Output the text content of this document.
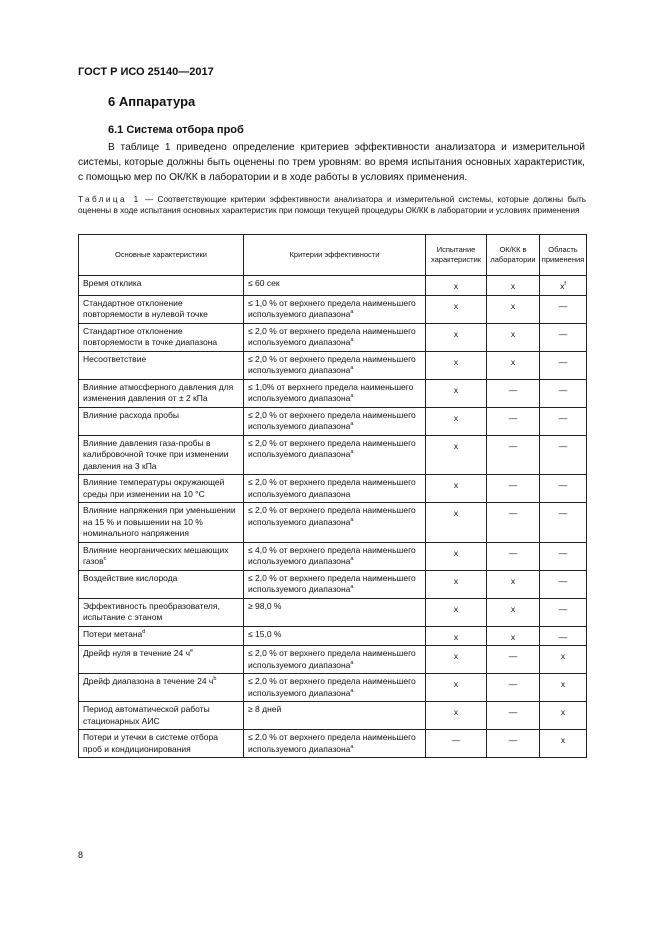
ГОСТ Р ИСО 25140—2017
6 Аппаратура
6.1 Система отбора проб
В таблице 1 приведено определение критериев эффективности анализатора и измерительной системы, которые должны быть оценены по трем уровням: во время испытания основных характеристик, с помощью мер по ОК/КК в лаборатории и в ходе работы в условиях применения.
Таблица 1 — Соответствующие критерии эффективности анализатора и измерительной системы, которые должны быть оценены в ходе испытания основных характеристик при помощи текущей процедуры ОК/КК в лаборатории и условиях применения
Основные характеристики	Критерии эффективности	Испытание характеристик	ОК/КК в лаборатории	Область применения
Время отклика	≤ 60 сек	х	х	$х^f$
Стандартное отклонение повторяемости в нулевой точке	≤ 1,0 % от верхнего предела наименьшего используемого диапазона$^a$	х	х	—
Стандартное отклонение повторяемости в точке диапазона	≤ 2,0 % от верхнего предела наименьшего используемого диапазона$^a$	х	х	—
Несоответствие	≤ 2,0 % от верхнего предела наименьшего используемого диапазона$^a$	х	х	—
Влияние атмосферного давления для изменения давления от ± 2 кПа	≤ 1,0% от верхнего предела наименьшего используемого диапазона$^a$	х	—	—
Влияние расхода пробы	≤ 2,0 % от верхнего предела наименьшего используемого диапазона$^a$	х	—	—
Влияние давления газа-пробы в калибровочной точке при изменении давления на 3 кПа	≤ 2,0 % от верхнего предела наименьшего используемого диапазона$^a$	х	—	—
Влияние температуры окружающей среды при изменении на 10 °С	≤ 2,0 % от верхнего предела наименьшего используемого диапазона	х	—	—
Влияние напряжения при уменьшении на 15 % и повышении на 10 % номинального напряжения	≤ 2,0 % от верхнего предела наименьшего используемого диапазона$^a$	х	—	—
Влияние неорганических мешающих газов$^c$	≤ 4,0 % от верхнего предела наименьшего используемого диапазона$^a$	х	—	—
Воздействие кислорода	≤ 2,0 % от верхнего предела наименьшего используемого диапазона$^a$	х	х	—
Эффективность преобразователя, испытание с этаном	≥ 98,0 %	х	х	—
Потери метана$^d$	≤ 15,0 %	х	х	—
Дрейф нуля в течение 24 $ч^e$	≤ 2,0 % от верхнего предела наименьшего используемого диапазона$^a$	х	—	х
Дрейф диапазона в течение 24 $ч^b$	≤ 2,0 % от верхнего предела наименьшего используемого диапазона$^a$	х	—	х
Период автоматической работы стационарных АИС	≥ 8 дней	х	—	х
Потери и утечки в системе отбора проб и кондиционирования	≤ 2,0 % от верхнего предела наименьшего используемого диапазона$^a$	—	—	х
8
